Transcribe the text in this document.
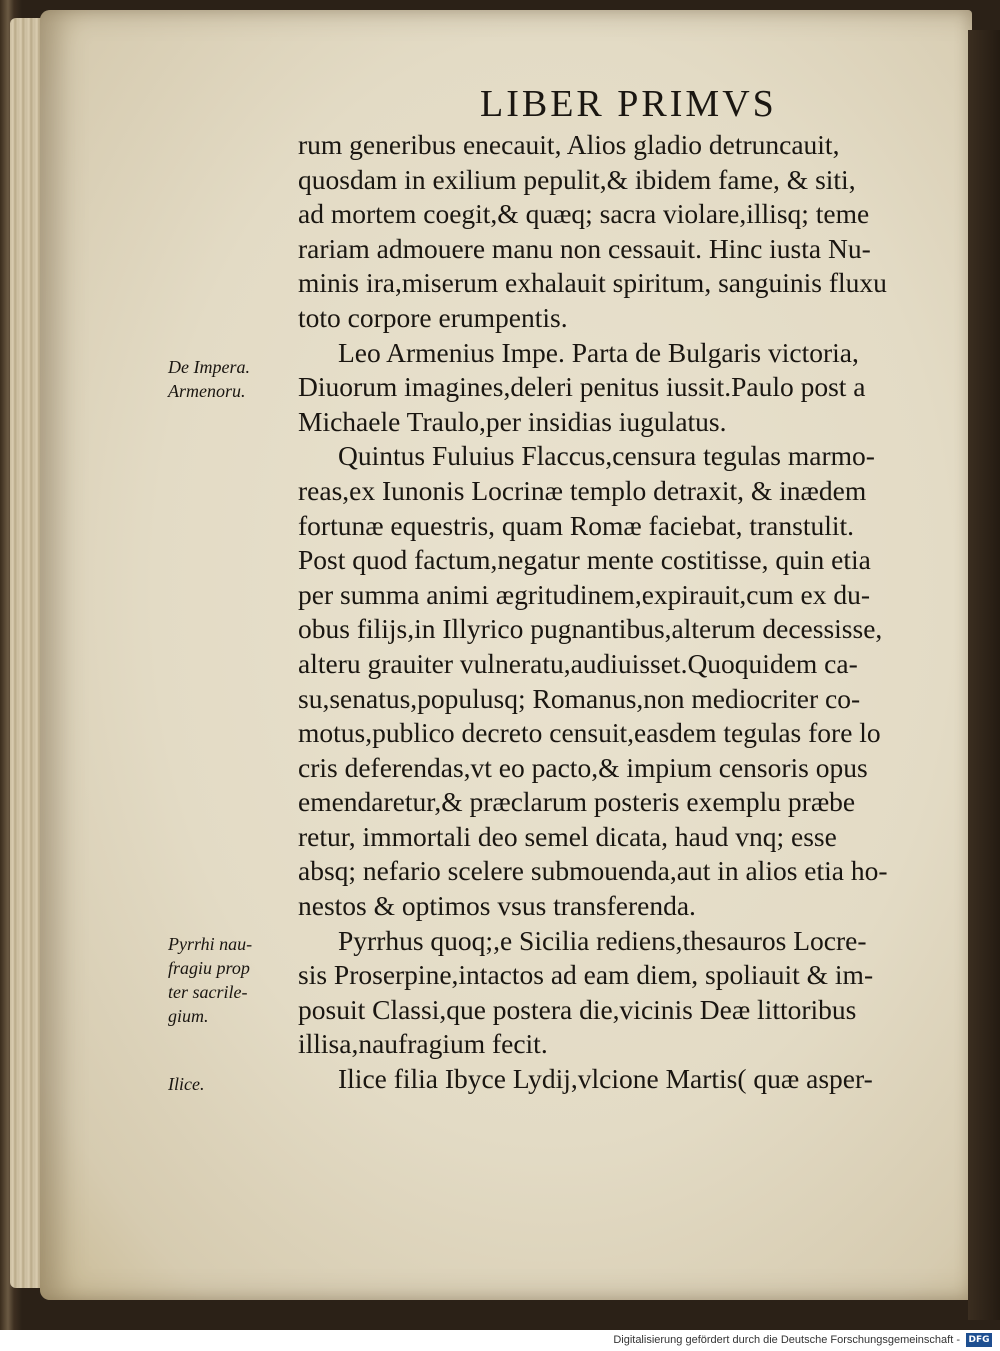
LIBER PRIMVS
rum generibus enecauit, Alios gladio detruncauit,
quosdam in exilium pepulit,& ibidem fame, & siti,
ad mortem coegit,& quæq; sacra violare,illisq; teme
rariam admouere manu non cessauit. Hinc iusta Nu-
minis ira,miserum exhalauit spiritum, sanguinis fluxu
toto corpore erumpentis.
Leo Armenius Impe. Parta de Bulgaris victoria,
Diuorum imagines,deleri penitus iussit.Paulo post a
Michaele Traulo,per insidias iugulatus.
Quintus Fuluius Flaccus,censura tegulas marmo-
reas,ex Iunonis Locrinæ templo detraxit, & inædem
fortunæ equestris, quam Romæ faciebat, transtulit.
Post quod factum,negatur mente costitisse, quin etia
per summa animi ægritudinem,expirauit,cum ex du-
obus filijs,in Illyrico pugnantibus,alterum decessisse,
alteru grauiter vulneratu,audiuisset.Quoquidem ca-
su,senatus,populusq; Romanus,non mediocriter co-
motus,publico decreto censuit,easdem tegulas fore lo
cris deferendas,vt eo pacto,& impium censoris opus
emendaretur,& præclarum posteris exemplu præbe
retur, immortali deo semel dicata, haud vnq; esse
absq; nefario scelere submouenda,aut in alios etia ho-
nestos & optimos vsus transferenda.
Pyrrhus quoq;,e Sicilia rediens,thesauros Locre-
sis Proserpine,intactos ad eam diem, spoliauit & im-
posuit Classi,que postera die,vicinis Deæ littoribus
illisa,naufragium fecit.
Ilice filia Ibyce Lydij,vlcione Martis( quæ asper-
De Impera.
Armenoru.
Pyrrhi nau-
fragiu prop
ter sacrile-
gium.
Ilice.
Digitalisierung gefördert durch die Deutsche Forschungsgemeinschaft - DFG
